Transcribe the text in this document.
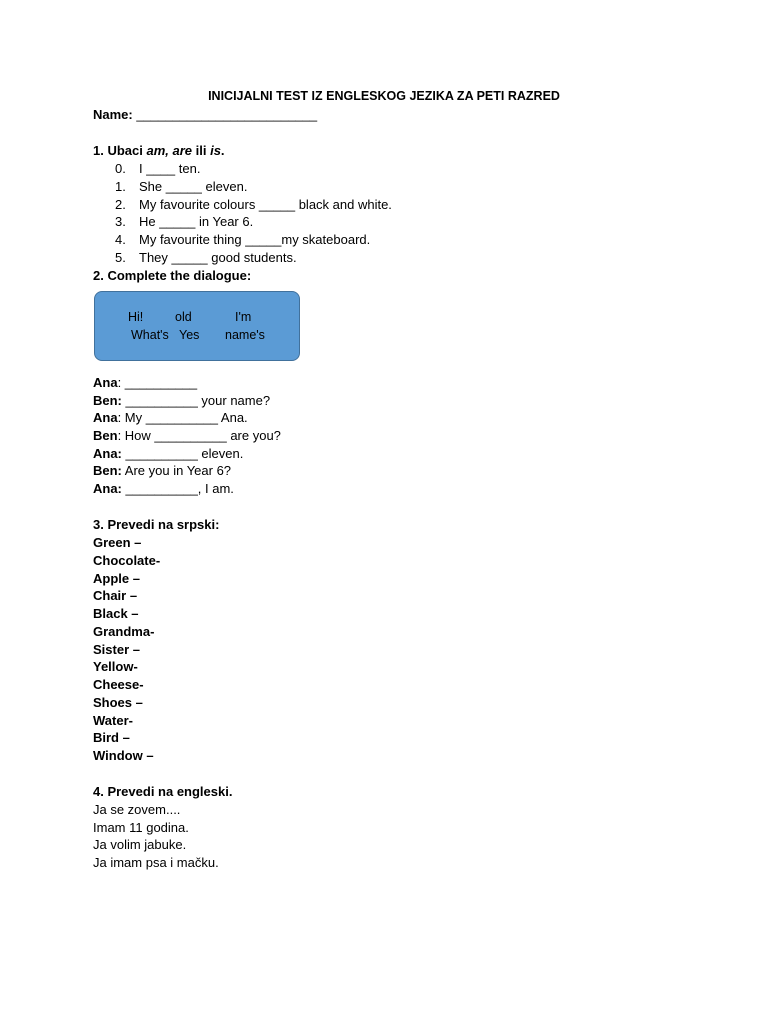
INICIJALNI TEST IZ ENGLESKOG JEZIKA ZA PETI RAZRED
Name: _________________________
1. Ubaci am, are ili is.
0. I ____ ten.
1. She _____ eleven.
2. My favourite colours _____ black and white.
3. He _____ in Year 6.
4. My favourite thing _____my skateboard.
5. They _____ good students.
2. Complete the dialogue:
Hi!	old	I'm
What's Yes name's
Ana: __________
Ben: __________ your name?
Ana: My __________ Ana.
Ben: How __________ are you?
Ana: __________ eleven.
Ben: Are you in Year 6?
Ana: __________, I am.
3. Prevedi na srpski:
Green –
Chocolate-
Apple –
Chair –
Black –
Grandma-
Sister –
Yellow-
Cheese-
Shoes –
Water-
Bird –
Window –
4. Prevedi na engleski.
Ja se zovem....
Imam 11 godina.
Ja volim jabuke.
Ja imam psa i mačku.
